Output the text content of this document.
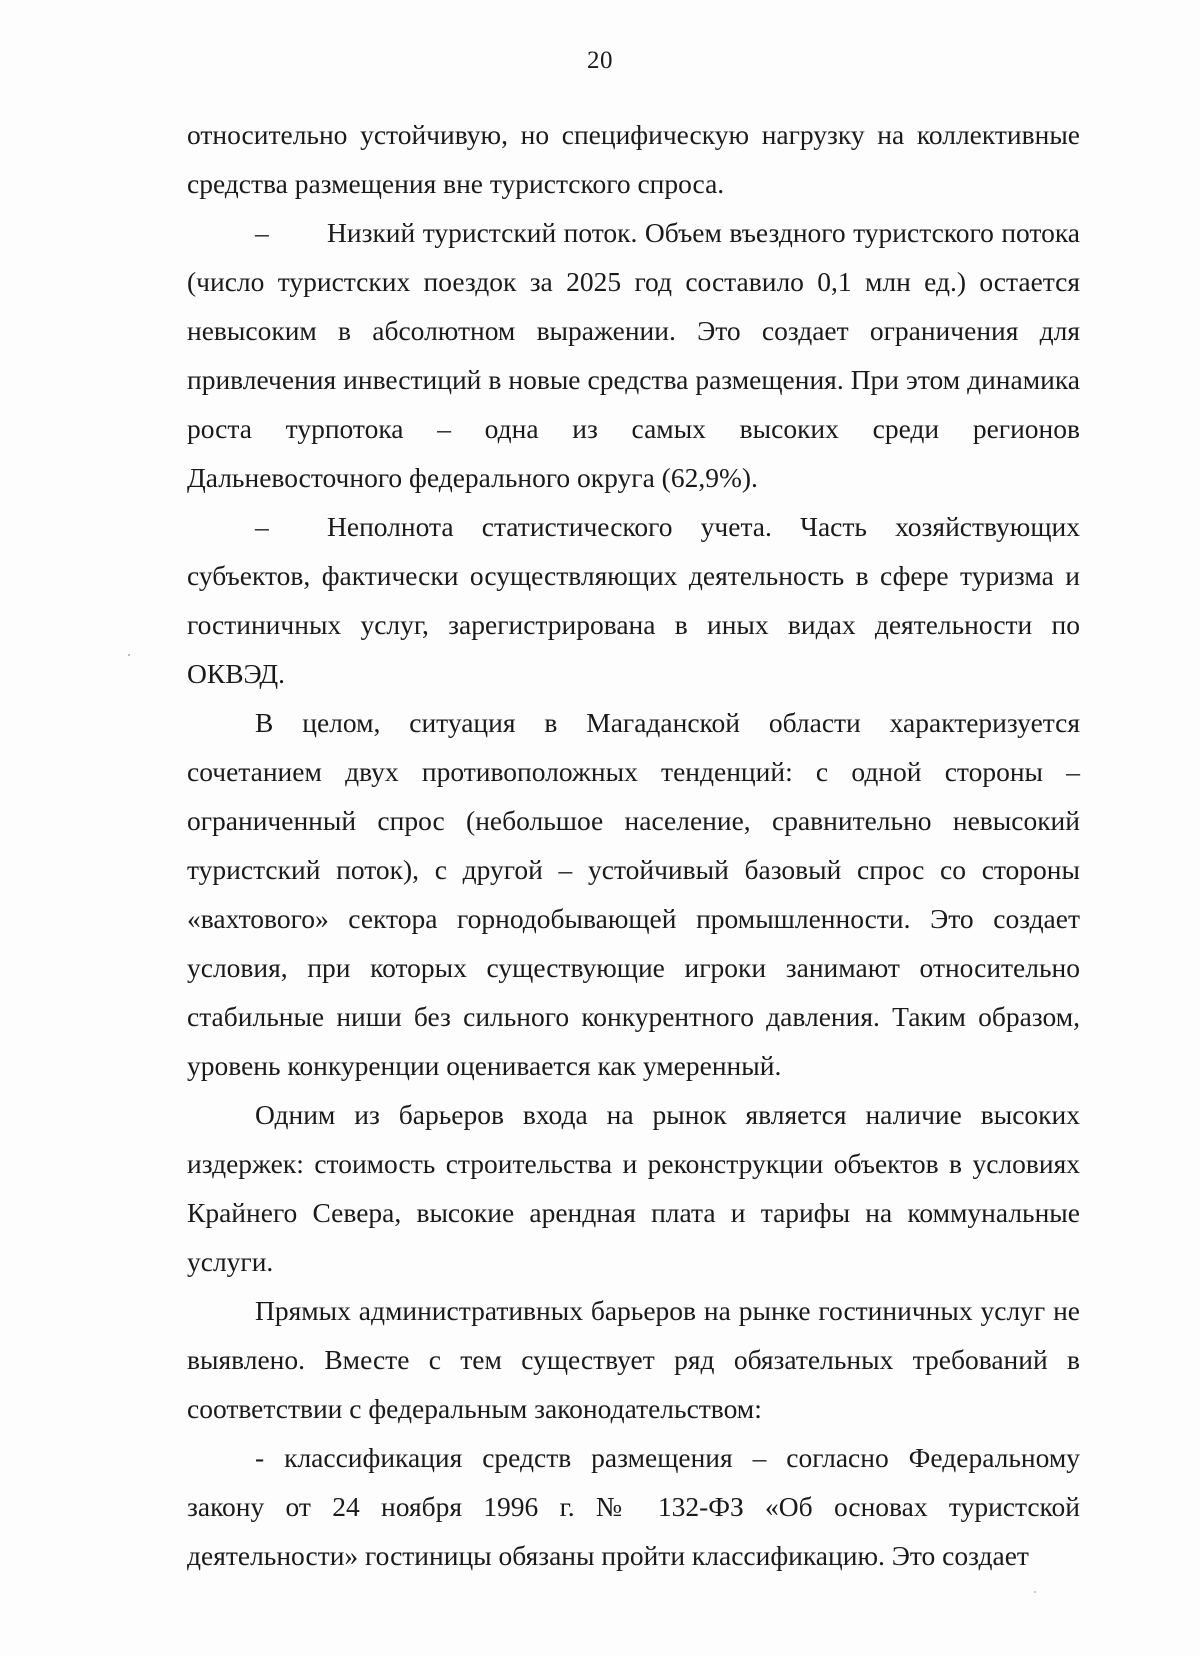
20

относительно устойчивую, но специфическую нагрузку на коллективные средства размещения вне туристского спроса.

– Низкий туристский поток. Объем въездного туристского потока (число туристских поездок за 2025 год составило 0,1 млн ед.) остается невысоким в абсолютном выражении. Это создает ограничения для привлечения инвестиций в новые средства размещения. При этом динамика роста турпотока – одна из самых высоких среди регионов Дальневосточного федерального округа (62,9%).

– Неполнота статистического учета. Часть хозяйствующих субъектов, фактически осуществляющих деятельность в сфере туризма и гостиничных услуг, зарегистрирована в иных видах деятельности по ОКВЭД.

В целом, ситуация в Магаданской области характеризуется сочетанием двух противоположных тенденций: с одной стороны – ограниченный спрос (небольшое население, сравнительно невысокий туристский поток), с другой – устойчивый базовый спрос со стороны «вахтового» сектора горнодобывающей промышленности. Это создает условия, при которых существующие игроки занимают относительно стабильные ниши без сильного конкурентного давления. Таким образом, уровень конкуренции оценивается как умеренный.

Одним из барьеров входа на рынок является наличие высоких издержек: стоимость строительства и реконструкции объектов в условиях Крайнего Севера, высокие арендная плата и тарифы на коммунальные услуги.

Прямых административных барьеров на рынке гостиничных услуг не выявлено. Вместе с тем существует ряд обязательных требований в соответствии с федеральным законодательством:

- классификация средств размещения – согласно Федеральному закону от 24 ноября 1996 г. № 132-ФЗ «Об основах туристской деятельности» гостиницы обязаны пройти классификацию. Это создает
